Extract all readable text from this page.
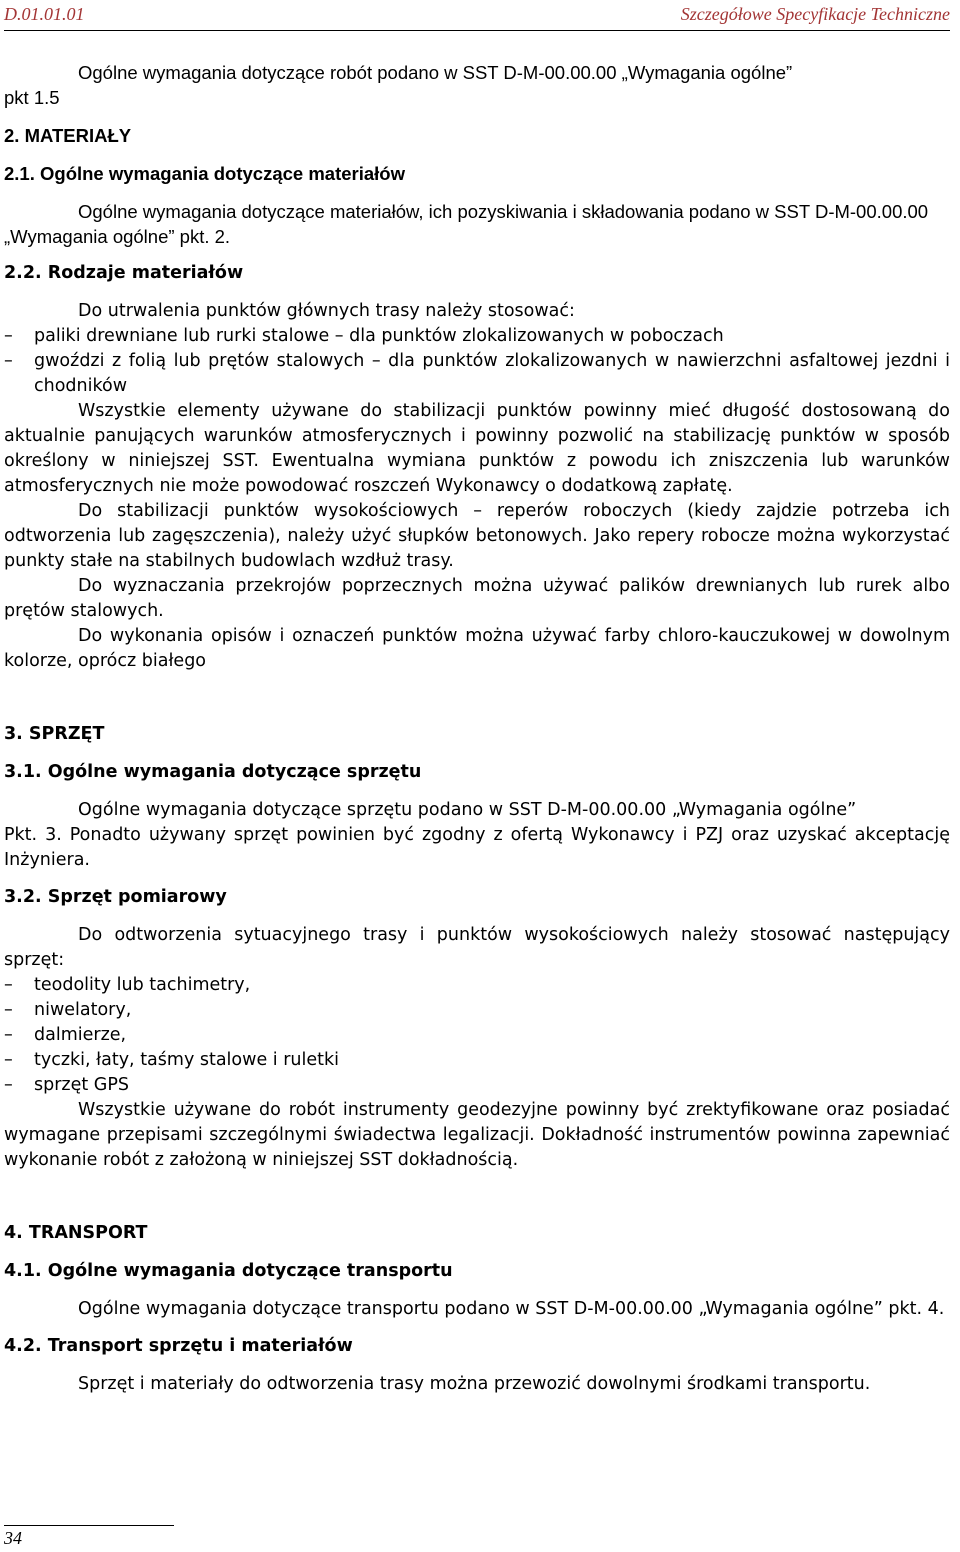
D.01.01.01	Szczegółowe Specyfikacje Techniczne

Ogólne wymagania dotyczące robót podano w SST D-M-00.00.00 „Wymagania ogólne”

pkt 1.5

2. MATERIAŁY

2.1. Ogólne wymagania dotyczące materiałów

Ogólne wymagania dotyczące materiałów, ich pozyskiwania i składowania podano w SST D-M-00.00.00 „Wymagania ogólne” pkt. 2.

2.2. Rodzaje materiałów

Do utrwalenia punktów głównych trasy należy stosować:

– paliki drewniane lub rurki stalowe – dla punktów zlokalizowanych w poboczach
– gwoździ z folią lub prętów stalowych – dla punktów zlokalizowanych w nawierzchni asfaltowej jezdni i chodników

Wszystkie elementy używane do stabilizacji punktów powinny mieć długość dostosowaną do aktualnie panujących warunków atmosferycznych i powinny pozwolić na stabilizację punktów w sposób określony w niniejszej SST. Ewentualna wymiana punktów z powodu ich zniszczenia lub warunków atmosferycznych nie może powodować roszczeń Wykonawcy o dodatkową zapłatę.

Do stabilizacji punktów wysokościowych – reperów roboczych (kiedy zajdzie potrzeba ich odtworzenia lub zagęszczenia), należy użyć słupków betonowych. Jako repery robocze można wykorzystać punkty stałe na stabilnych budowlach wzdłuż trasy.

Do wyznaczania przekrojów poprzecznych można używać palików drewnianych lub rurek albo prętów stalowych.

Do wykonania opisów i oznaczeń punktów można używać farby chloro-kauczukowej w dowolnym kolorze, oprócz białego

3. SPRZĘT

3.1. Ogólne wymagania dotyczące sprzętu

Ogólne wymagania dotyczące sprzętu podano w SST D-M-00.00.00 „Wymagania ogólne”

Pkt. 3. Ponadto używany sprzęt powinien być zgodny z ofertą Wykonawcy i PZJ oraz uzyskać akceptację Inżyniera.

3.2. Sprzęt pomiarowy

Do odtworzenia sytuacyjnego trasy i punktów wysokościowych należy stosować następujący sprzęt:

– teodolity lub tachimetry,
– niwelatory,
– dalmierze,
– tyczki, łaty, taśmy stalowe i ruletki
– sprzęt GPS

Wszystkie używane do robót instrumenty geodezyjne powinny być zrektyfikowane oraz posiadać wymagane przepisami szczególnymi świadectwa legalizacji. Dokładność instrumentów powinna zapewniać wykonanie robót z założoną w niniejszej SST dokładnością.

4. TRANSPORT

4.1. Ogólne wymagania dotyczące transportu

Ogólne wymagania dotyczące transportu podano w SST D-M-00.00.00 „Wymagania ogólne” pkt. 4.

4.2. Transport sprzętu i materiałów

Sprzęt i materiały do odtworzenia trasy można przewozić dowolnymi środkami transportu.

34
